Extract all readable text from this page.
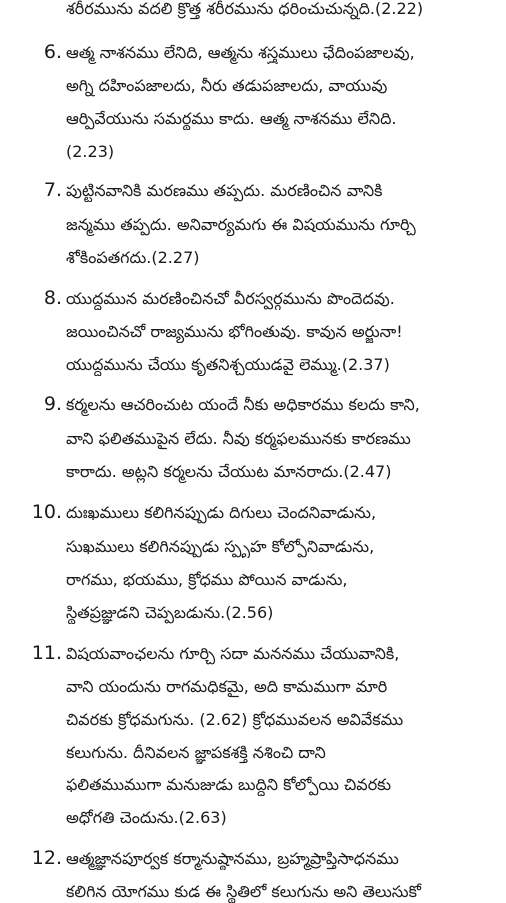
శరీరమును వదలి క్రొత్త శరీరమును ధరించుచున్నది.(2.22)
6. ఆత్మ నాశనము లేనిది, ఆత్మను శస్త్రములు ఛేదింపజాలవు,
అగ్ని దహింపజాలదు, నీరు తడుపజాలదు, వాయువు
ఆర్పివేయును సమర్థము కాదు. ఆత్మ నాశనము లేనిది.
(2.23)
7. పుట్టినవానికి మరణము తప్పదు. మరణించిన వానికి
జన్మము తప్పదు. అనివార్యమగు ఈ విషయమును గూర్చి
శోకింపతగదు.(2.27)
8. యుద్ధమున మరణించినచో వీరస్వర్గమును పొందెదవు.
జయించినచో రాజ్యమును భోగింతువు. కావున అర్జునా!
యుద్ధమును చేయు కృతనిశ్చయుడవై లెమ్ము.(2.37)
9. కర్మలను ఆచరించుట యందే నీకు అధికారము కలదు కాని,
వాని ఫలితముపైన లేదు. నీవు కర్మఫలమునకు కారణము
కారాదు. అట్లని కర్మలను చేయుట మానరాదు.(2.47)
10. దుఃఖములు కలిగినప్పుడు దిగులు చెందనివాడును,
సుఖములు కలిగినప్పుడు స్పృహ కోల్పోనివాడును,
రాగము, భయము, క్రోధము పోయిన వాడును,
స్థితప్రజ్ఞుడని చెప్పబడును.(2.56)
11. విషయవాంఛలను గూర్చి సదా మననము చేయువానికి,
వాని యందును రాగమధికమై, అది కామముగా మారి
చివరకు క్రోధమగును. (2.62) క్రోధమువలన అవివేకము
కలుగును. దీనివలన జ్ఞాపకశక్తి నశించి దాని
ఫలితముముగా మనుజుడు బుద్ధిని కోల్పోయి చివరకు
అధోగతి చెందును.(2.63)
12. ఆత్మజ్ఞానపూర్వక కర్మానుష్ఠానము, బ్రహ్మప్రాప్తిసాధనము
కలిగిన యోగము కుడ ఈ స్థితిలో కలుగును అని తెలుసుకో
